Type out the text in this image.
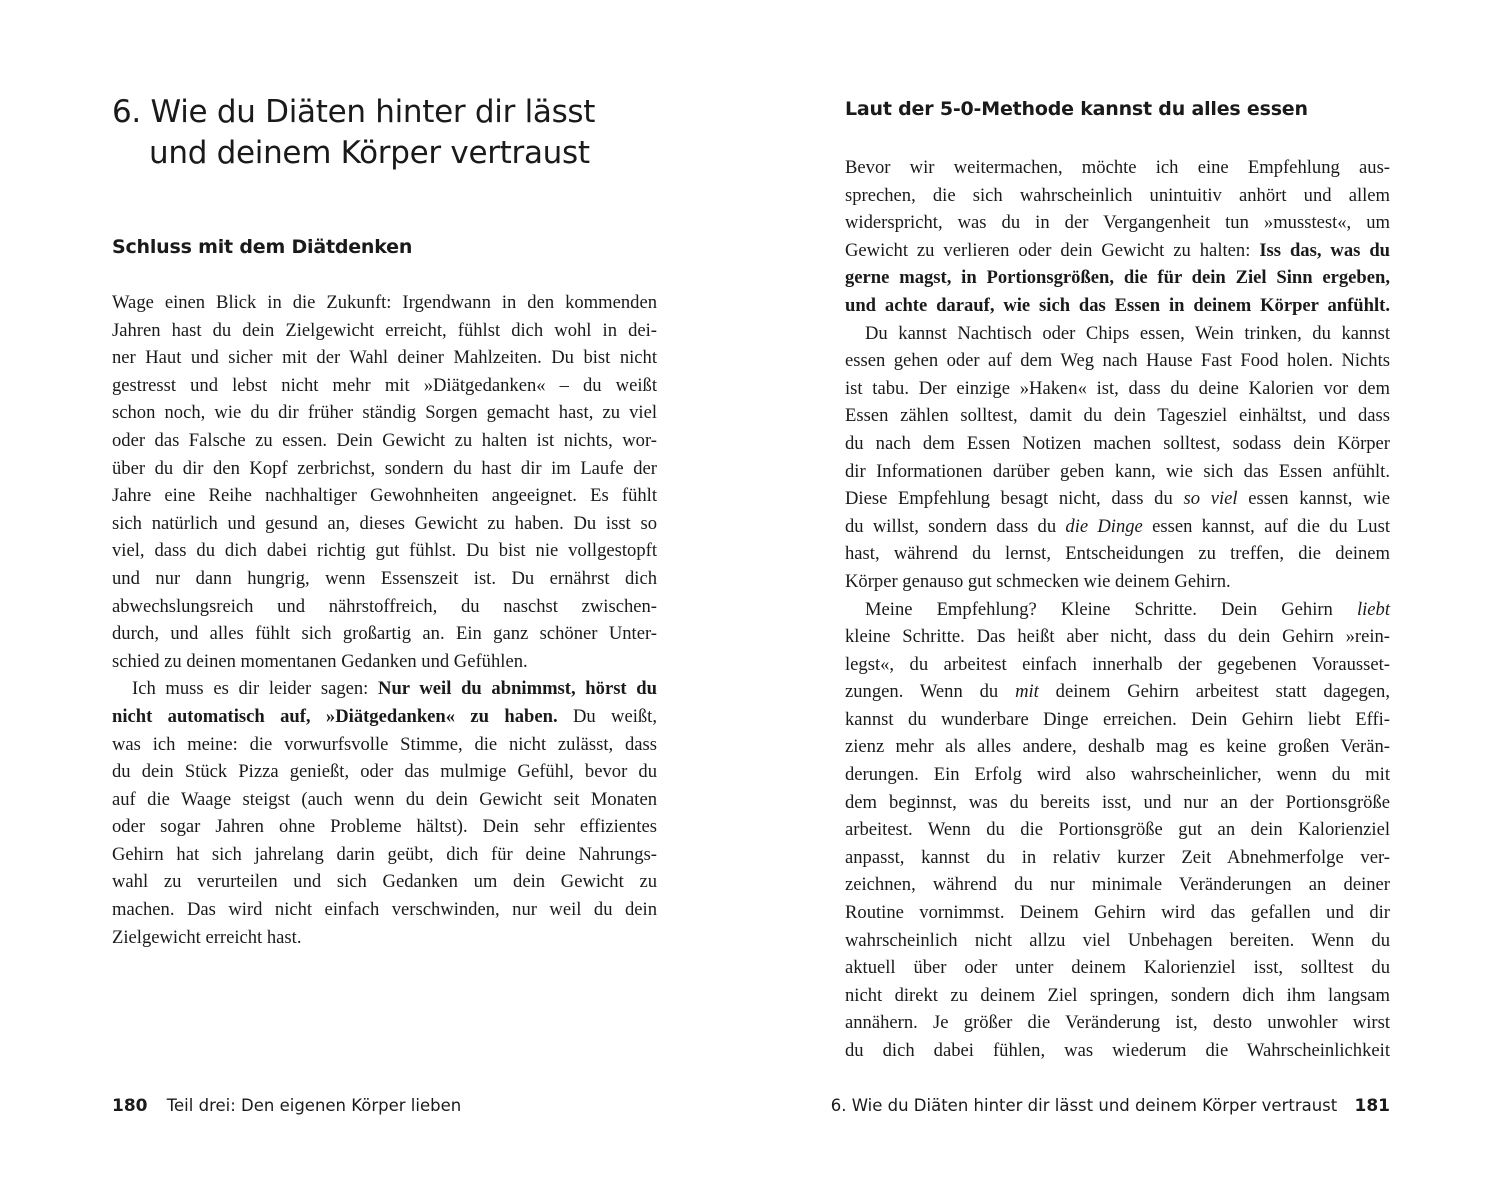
6. Wie du Diäten hinter dir lässt
und deinem Körper vertraust
Schluss mit dem Diätdenken
Wage einen Blick in die Zukunft: Irgendwann in den kommenden
Jahren hast du dein Zielgewicht erreicht, fühlst dich wohl in dei-
ner Haut und sicher mit der Wahl deiner Mahlzeiten. Du bist nicht
gestresst und lebst nicht mehr mit »Diätgedanken« – du weißt
schon noch, wie du dir früher ständig Sorgen gemacht hast, zu viel
oder das Falsche zu essen. Dein Gewicht zu halten ist nichts, wor-
über du dir den Kopf zerbrichst, sondern du hast dir im Laufe der
Jahre eine Reihe nachhaltiger Gewohnheiten angeeignet. Es fühlt
sich natürlich und gesund an, dieses Gewicht zu haben. Du isst so
viel, dass du dich dabei richtig gut fühlst. Du bist nie vollgestopft
und nur dann hungrig, wenn Essenszeit ist. Du ernährst dich
abwechslungsreich und nährstoffreich, du naschst zwischen-
durch, und alles fühlt sich großartig an. Ein ganz schöner Unter-
schied zu deinen momentanen Gedanken und Gefühlen.
Ich muss es dir leider sagen: Nur weil du abnimmst, hörst du
nicht automatisch auf, »Diätgedanken« zu haben. Du weißt,
was ich meine: die vorwurfsvolle Stimme, die nicht zulässt, dass
du dein Stück Pizza genießt, oder das mulmige Gefühl, bevor du
auf die Waage steigst (auch wenn du dein Gewicht seit Monaten
oder sogar Jahren ohne Probleme hältst). Dein sehr effizientes
Gehirn hat sich jahrelang darin geübt, dich für deine Nahrungs-
wahl zu verurteilen und sich Gedanken um dein Gewicht zu
machen. Das wird nicht einfach verschwinden, nur weil du dein
Zielgewicht erreicht hast.
180 Teil drei: Den eigenen Körper lieben
Laut der 5-0-Methode kannst du alles essen
Bevor wir weitermachen, möchte ich eine Empfehlung aus-
sprechen, die sich wahrscheinlich unintuitiv anhört und allem
widerspricht, was du in der Vergangenheit tun »musstest«, um
Gewicht zu verlieren oder dein Gewicht zu halten: Iss das, was du
gerne magst, in Portionsgrößen, die für dein Ziel Sinn ergeben,
und achte darauf, wie sich das Essen in deinem Körper anfühlt.
Du kannst Nachtisch oder Chips essen, Wein trinken, du kannst
essen gehen oder auf dem Weg nach Hause Fast Food holen. Nichts
ist tabu. Der einzige »Haken« ist, dass du deine Kalorien vor dem
Essen zählen solltest, damit du dein Tagesziel einhältst, und dass
du nach dem Essen Notizen machen solltest, sodass dein Körper
dir Informationen darüber geben kann, wie sich das Essen anfühlt.
Diese Empfehlung besagt nicht, dass du so viel essen kannst, wie
du willst, sondern dass du die Dinge essen kannst, auf die du Lust
hast, während du lernst, Entscheidungen zu treffen, die deinem
Körper genauso gut schmecken wie deinem Gehirn.
Meine Empfehlung? Kleine Schritte. Dein Gehirn liebt
kleine Schritte. Das heißt aber nicht, dass du dein Gehirn »rein-
legst«, du arbeitest einfach innerhalb der gegebenen Vorausset-
zungen. Wenn du mit deinem Gehirn arbeitest statt dagegen,
kannst du wunderbare Dinge erreichen. Dein Gehirn liebt Effi-
zienz mehr als alles andere, deshalb mag es keine großen Verän-
derungen. Ein Erfolg wird also wahrscheinlicher, wenn du mit
dem beginnst, was du bereits isst, und nur an der Portionsgröße
arbeitest. Wenn du die Portionsgröße gut an dein Kalorienziel
anpasst, kannst du in relativ kurzer Zeit Abnehmerfolge ver-
zeichnen, während du nur minimale Veränderungen an deiner
Routine vornimmst. Deinem Gehirn wird das gefallen und dir
wahrscheinlich nicht allzu viel Unbehagen bereiten. Wenn du
aktuell über oder unter deinem Kalorienziel isst, solltest du
nicht direkt zu deinem Ziel springen, sondern dich ihm langsam
annähern. Je größer die Veränderung ist, desto unwohler wirst
du dich dabei fühlen, was wiederum die Wahrscheinlichkeit
6. Wie du Diäten hinter dir lässt und deinem Körper vertraust 181
